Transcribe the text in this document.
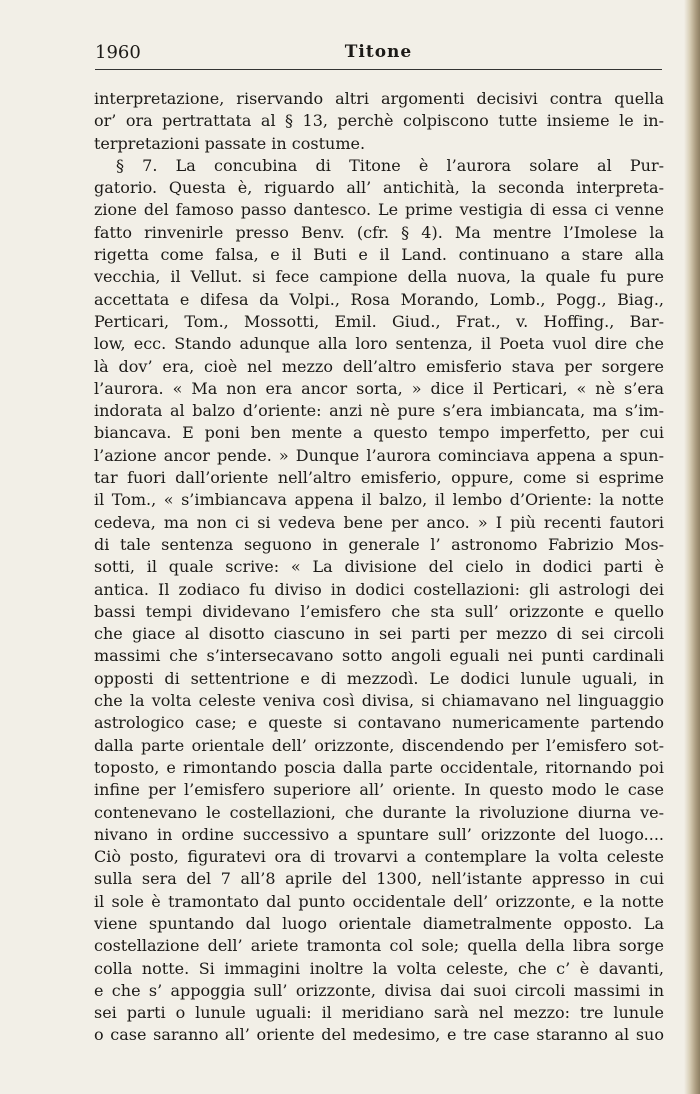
1960	Titone
interpretazione, riservando altri argomenti decisivi contra quella
or’ ora pertrattata al § 13, perchè colpiscono tutte insieme le in-
terpretazioni passate in costume.
§ 7. La concubina di Titone è l’aurora solare al Pur-
gatorio. Questa è, riguardo all’ antichità, la seconda interpreta-
zione del famoso passo dantesco. Le prime vestigia di essa ci venne
fatto rinvenirle presso Benv. (cfr. § 4). Ma mentre l’Imolese la
rigetta come falsa, e il Buti e il Land. continuano a stare alla
vecchia, il Vellut. si fece campione della nuova, la quale fu pure
accettata e difesa da Volpi., Rosa Morando, Lomb., Pogg., Biag.,
Perticari, Tom., Mossotti, Emil. Giud., Frat., v. Hoffing., Bar-
low, ecc. Stando adunque alla loro sentenza, il Poeta vuol dire che
là dov’ era, cioè nel mezzo dell’altro emisferio stava per sorgere
l’aurora. « Ma non era ancor sorta, » dice il Perticari, « nè s’era
indorata al balzo d’oriente: anzi nè pure s’era imbiancata, ma s’im-
biancava. E poni ben mente a questo tempo imperfetto, per cui
l’azione ancor pende. » Dunque l’aurora cominciava appena a spun-
tar fuori dall’oriente nell’altro emisferio, oppure, come si esprime
il Tom., « s’imbiancava appena il balzo, il lembo d’Oriente: la notte
cedeva, ma non ci si vedeva bene per anco. » I più recenti fautori
di tale sentenza seguono in generale l’ astronomo Fabrizio Mos-
sotti, il quale scrive: « La divisione del cielo in dodici parti è
antica. Il zodiaco fu diviso in dodici costellazioni: gli astrologi dei
bassi tempi dividevano l’emisfero che sta sull’ orizzonte e quello
che giace al disotto ciascuno in sei parti per mezzo di sei circoli
massimi che s’intersecavano sotto angoli eguali nei punti cardinali
opposti di settentrione e di mezzodì. Le dodici lunule uguali, in
che la volta celeste veniva così divisa, si chiamavano nel linguaggio
astrologico case; e queste si contavano numericamente partendo
dalla parte orientale dell’ orizzonte, discendendo per l’emisfero sot-
toposto, e rimontando poscia dalla parte occidentale, ritornando poi
infine per l’emisfero superiore all’ oriente. In questo modo le case
contenevano le costellazioni, che durante la rivoluzione diurna ve-
nivano in ordine successivo a spuntare sull’ orizzonte del luogo....
Ciò posto, figuratevi ora di trovarvi a contemplare la volta celeste
sulla sera del 7 all’8 aprile del 1300, nell’istante appresso in cui
il sole è tramontato dal punto occidentale dell’ orizzonte, e la notte
viene spuntando dal luogo orientale diametralmente opposto. La
costellazione dell’ ariete tramonta col sole; quella della libra sorge
colla notte. Si immagini inoltre la volta celeste, che c’ è davanti,
e che s’ appoggia sull’ orizzonte, divisa dai suoi circoli massimi in
sei parti o lunule uguali: il meridiano sarà nel mezzo: tre lunule
o case saranno all’ oriente del medesimo, e tre case staranno al suo
